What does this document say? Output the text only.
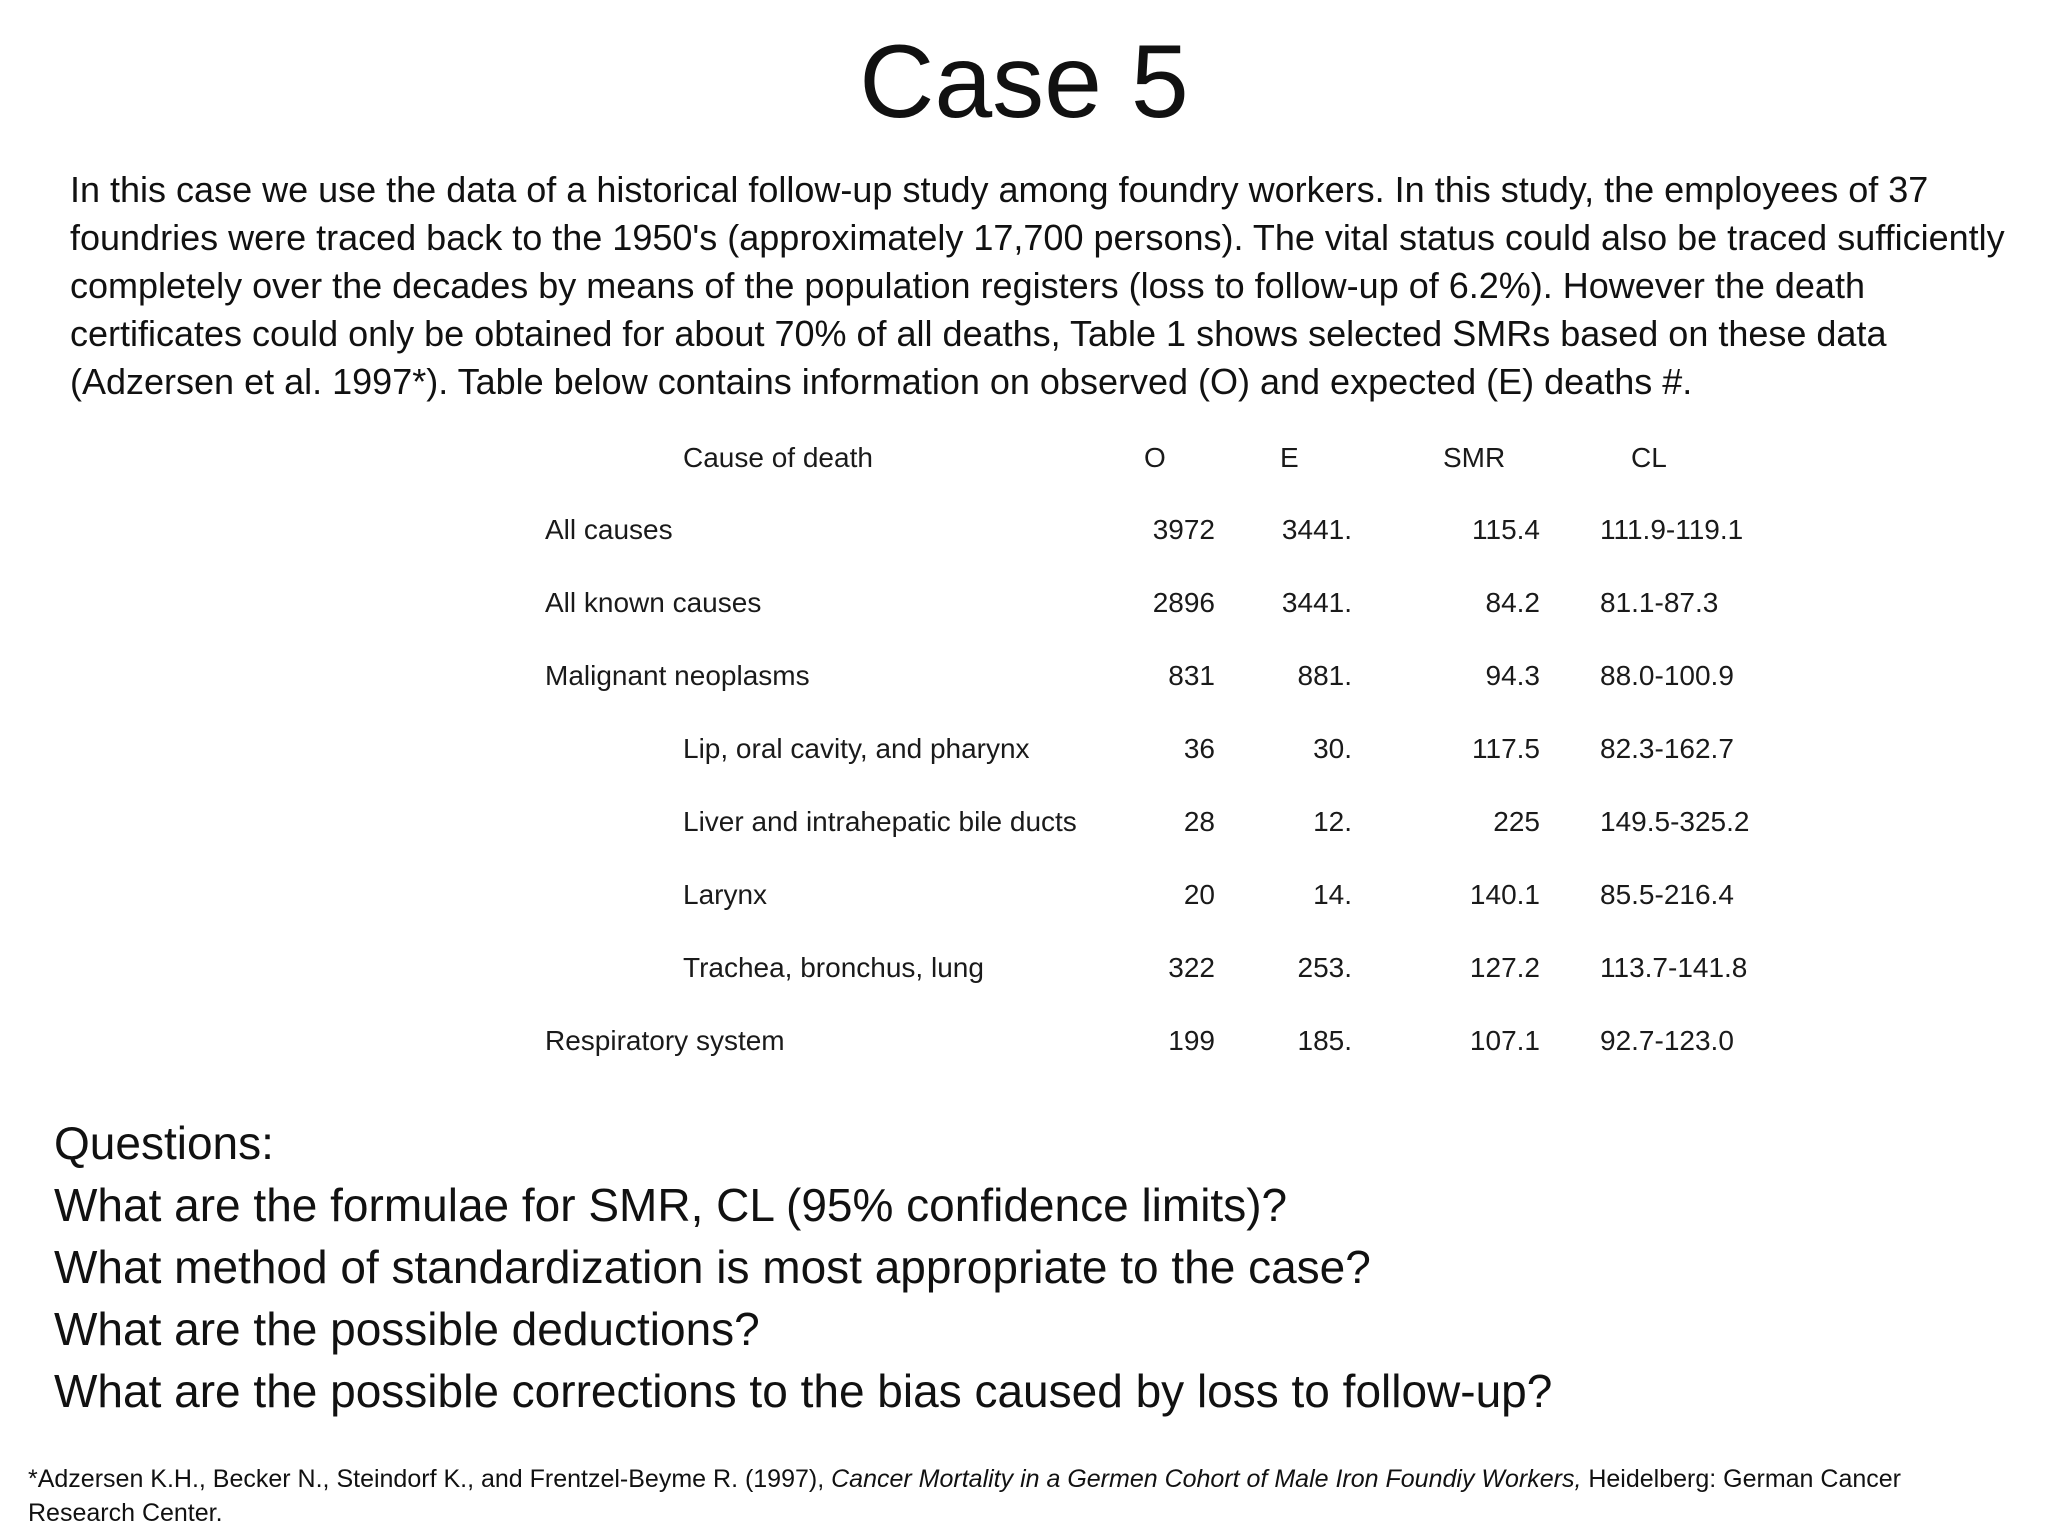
Case 5
In this case we use the data of a historical follow-up study among foundry workers. In this study, the employees of 37 foundries were traced back to the 1950's (approximately 17,700 persons). The vital status could also be traced sufficiently completely over the decades by means of the population registers (loss to follow-up of 6.2%). However the death certificates could only be obtained for about 70% of all deaths, Table 1 shows selected SMRs based on these data (Adzersen et al. 1997*). Table below contains information on observed (O) and expected (E) deaths #.
Cause of death	O	E	SMR	CL
All causes	3972	3441.	115.4 111.9-119.1
All known causes	2896	3441.	84.2 81.1-87.3
Malignant neoplasms	831	881.	94.3 88.0-100.9
Lip, oral cavity, and pharynx	36	30.	117.5 82.3-162.7
Liver and intrahepatic bile ducts	28	12.	225 149.5-325.2
Larynx	20	14.	140.1 85.5-216.4
Trachea, bronchus, lung	322	253.	127.2 113.7-141.8
Respiratory system	199	185.	107.1 92.7-123.0
Questions:
What are the formulae for SMR, CL (95% confidence limits)?
What method of standardization is most appropriate to the case?
What are the possible deductions?
What are the possible corrections to the bias caused by loss to follow-up?
*Adzersen K.H., Becker N., Steindorf K., and Frentzel-Beyme R. (1997), Cancer Mortality in a Germen Cohort of Male Iron Foundiy Workers, Heidelberg: German Cancer Research Center.
